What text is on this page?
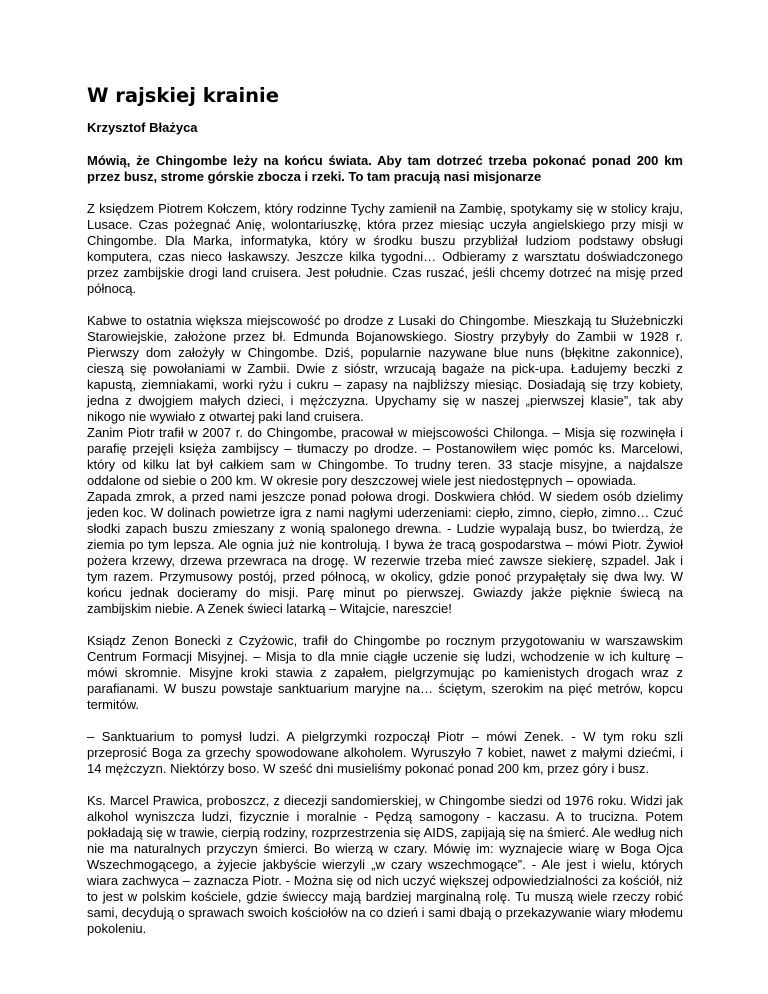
W rajskiej krainie

Krzysztof Błażyca

Mówią, że Chingombe leży na końcu świata. Aby tam dotrzeć trzeba pokonać ponad 200 km przez busz, strome górskie zbocza i rzeki. To tam pracują nasi misjonarze

Z księdzem Piotrem Kołczem, który rodzinne Tychy zamienił na Zambię, spotykamy się w stolicy kraju, Lusace. Czas pożegnać Anię, wolontariuszkę, która przez miesiąc uczyła angielskiego przy misji w Chingombe. Dla Marka, informatyka, który w środku buszu przybliżał ludziom podstawy obsługi komputera, czas nieco łaskawszy. Jeszcze kilka tygodni… Odbieramy z warsztatu doświadczonego przez zambijskie drogi land cruisera. Jest południe. Czas ruszać, jeśli chcemy dotrzeć na misję przed północą.

Kabwe to ostatnia większa miejscowość po drodze z Lusaki do Chingombe. Mieszkają tu Służebniczki Starowiejskie, założone przez bł. Edmunda Bojanowskiego. Siostry przybyły do Zambii w 1928 r. Pierwszy dom założyły w Chingombe. Dziś, popularnie nazywane blue nuns (błękitne zakonnice), cieszą się powołaniami w Zambii. Dwie z sióstr, wrzucają bagaże na pick-upa. Ładujemy beczki z kapustą, ziemniakami, worki ryżu i cukru – zapasy na najbliższy miesiąc. Dosiadają się trzy kobiety, jedna z dwojgiem małych dzieci, i mężczyzna. Upychamy się w naszej „pierwszej klasie”, tak aby nikogo nie wywiało z otwartej paki land cruisera.

Zanim Piotr trafił w 2007 r. do Chingombe, pracował w miejscowości Chilonga. – Misja się rozwinęła i parafię przejęli księża zambijscy – tłumaczy po drodze. – Postanowiłem więc pomóc ks. Marcelowi, który od kilku lat był całkiem sam w Chingombe. To trudny teren. 33 stacje misyjne, a najdalsze oddalone od siebie o 200 km. W okresie pory deszczowej wiele jest niedostępnych – opowiada.

Zapada zmrok, a przed nami jeszcze ponad połowa drogi. Doskwiera chłód. W siedem osób dzielimy jeden koc. W dolinach powietrze igra z nami nagłymi uderzeniami: ciepło, zimno, ciepło, zimno… Czuć słodki zapach buszu zmieszany z wonią spalonego drewna. - Ludzie wypalają busz, bo twierdzą, że ziemia po tym lepsza. Ale ognia już nie kontrolują. I bywa że tracą gospodarstwa – mówi Piotr. Żywioł pożera krzewy, drzewa przewraca na drogę. W rezerwie trzeba mieć zawsze siekierę, szpadel. Jak i tym razem. Przymusowy postój, przed północą, w okolicy, gdzie ponoć przypałętały się dwa lwy. W końcu jednak docieramy do misji. Parę minut po pierwszej. Gwiazdy jakże pięknie świecą na zambijskim niebie. A Zenek świeci latarką – Witajcie, nareszcie!

Ksiądz Zenon Bonecki z Czyżowic, trafił do Chingombe po rocznym przygotowaniu w warszawskim Centrum Formacji Misyjnej. – Misja to dla mnie ciągłe uczenie się ludzi, wchodzenie w ich kulturę – mówi skromnie. Misyjne kroki stawia z zapałem, pielgrzymując po kamienistych drogach wraz z parafianami. W buszu powstaje sanktuarium maryjne na… ściętym, szerokim na pięć metrów, kopcu termitów.

– Sanktuarium to pomysł ludzi. A pielgrzymki rozpoczął Piotr – mówi Zenek. - W tym roku szli przeprosić Boga za grzechy spowodowane alkoholem. Wyruszyło 7 kobiet, nawet z małymi dziećmi, i 14 mężczyzn. Niektórzy boso. W sześć dni musieliśmy pokonać ponad 200 km, przez góry i busz.

Ks. Marcel Prawica, proboszcz, z diecezji sandomierskiej, w Chingombe siedzi od 1976 roku. Widzi jak alkohol wyniszcza ludzi, fizycznie i moralnie - Pędzą samogony - kaczasu. A to trucizna. Potem pokładają się w trawie, cierpią rodziny, rozprzestrzenia się AIDS, zapijają się na śmierć. Ale według nich nie ma naturalnych przyczyn śmierci. Bo wierzą w czary. Mówię im: wyznajecie wiarę w Boga Ojca Wszechmogącego, a żyjecie jakbyście wierzyli „w czary wszechmogące”. - Ale jest i wielu, których wiara zachwyca – zaznacza Piotr. - Można się od nich uczyć większej odpowiedzialności za kościół, niż to jest w polskim kościele, gdzie świeccy mają bardziej marginalną rolę. Tu muszą wiele rzeczy robić sami, decydują o sprawach swoich kościołów na co dzień i sami dbają o przekazywanie wiary młodemu pokoleniu.
